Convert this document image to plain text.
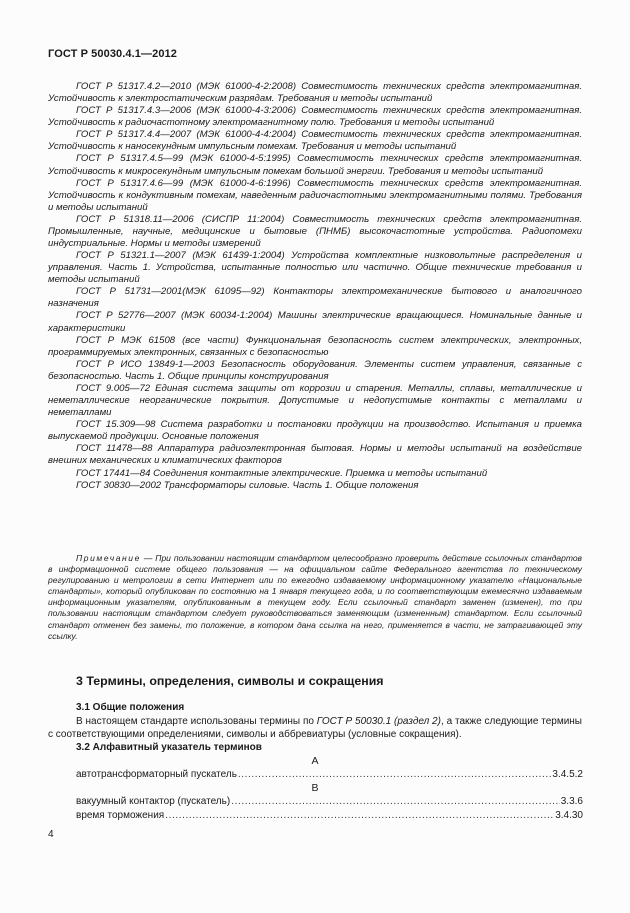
ГОСТ Р 50030.4.1—2012

ГОСТ Р 51317.4.2—2010 (МЭК 61000-4-2:2008) Совместимость технических средств электромагнитная. Устойчивость к электростатическим разрядам. Требования и методы испытаний

ГОСТ Р 51317.4.3—2006 (МЭК 61000-4-3:2006) Совместимость технических средств электромагнитная. Устойчивость к радиочастотному электромагнитному полю. Требования и методы испытаний

ГОСТ Р 51317.4.4—2007 (МЭК 61000-4-4:2004) Совместимость технических средств электромагнитная. Устойчивость к наносекундным импульсным помехам. Требования и методы испытаний

ГОСТ Р 51317.4.5—99 (МЭК 61000-4-5:1995) Совместимость технических средств электромагнитная. Устойчивость к микросекундным импульсным помехам большой энергии. Требования и методы испытаний

ГОСТ Р 51317.4.6—99 (МЭК 61000-4-6:1996) Совместимость технических средств электромагнитная. Устойчивость к кондуктивным помехам, наведенным радиочастотными электромагнитными полями. Требования и методы испытаний

ГОСТ Р 51318.11—2006 (СИСПР 11:2004) Совместимость технических средств электромагнитная. Промышленные, научные, медицинские и бытовые (ПНМБ) высокочастотные устройства. Радиопомехи индустриальные. Нормы и методы измерений

ГОСТ Р 51321.1—2007 (МЭК 61439-1:2004) Устройства комплектные низковольтные распределения и управления. Часть 1. Устройства, испытанные полностью или частично. Общие технические требования и методы испытаний

ГОСТ Р 51731—2001(МЭК 61095—92) Контакторы электромеханические бытового и аналогичного назначения

ГОСТ Р 52776—2007 (МЭК 60034-1:2004) Машины электрические вращающиеся. Номинальные данные и характеристики

ГОСТ Р МЭК 61508 (все части) Функциональная безопасность систем электрических, электронных, программируемых электронных, связанных с безопасностью

ГОСТ Р ИСО 13849-1—2003 Безопасность оборудования. Элементы систем управления, связанные с безопасностью. Часть 1. Общие принципы конструирования

ГОСТ 9.005—72 Единая система защиты от коррозии и старения. Металлы, сплавы, металлические и неметаллические неорганические покрытия. Допустимые и недопустимые контакты с металлами и неметаллами

ГОСТ 15.309—98 Система разработки и постановки продукции на производство. Испытания и приемка выпускаемой продукции. Основные положения

ГОСТ 11478—88 Аппаратура радиоэлектронная бытовая. Нормы и методы испытаний на воздействие внешних механических и климатических факторов

ГОСТ 17441—84 Соединения контактные электрические. Приемка и методы испытаний

ГОСТ 30830—2002 Трансформаторы силовые. Часть 1. Общие положения

Примечание — При пользовании настоящим стандартом целесообразно проверить действие ссылочных стандартов в информационной системе общего пользования — на официальном сайте Федерального агентства по техническому регулированию и метрологии в сети Интернет или по ежегодно издаваемому информационному указателю «Национальные стандарты», который опубликован по состоянию на 1 января текущего года, и по соответствующим ежемесячно издаваемым информационным указателям, опубликованным в текущем году. Если ссылочный стандарт заменен (изменен), то при пользовании настоящим стандартом следует руководствоваться заменяющим (измененным) стандартом. Если ссылочный стандарт отменен без замены, то положение, в котором дана ссылка на него, применяется в части, не затрагивающей эту ссылку.

3 Термины, определения, символы и сокращения
3.1 Общие положения

В настоящем стандарте использованы термины по ГОСТ Р 50030.1 (раздел 2), а также следующие термины с соответствующими определениями, символы и аббревиатуры (условные сокращения).

3.2 Алфавитный указатель терминов
А
автотрансформаторный пускатель .....	3.4.5.2
В
вакуумный контактор (пускатель) .....	3.3.6
время торможения .....	3.4.30
4
